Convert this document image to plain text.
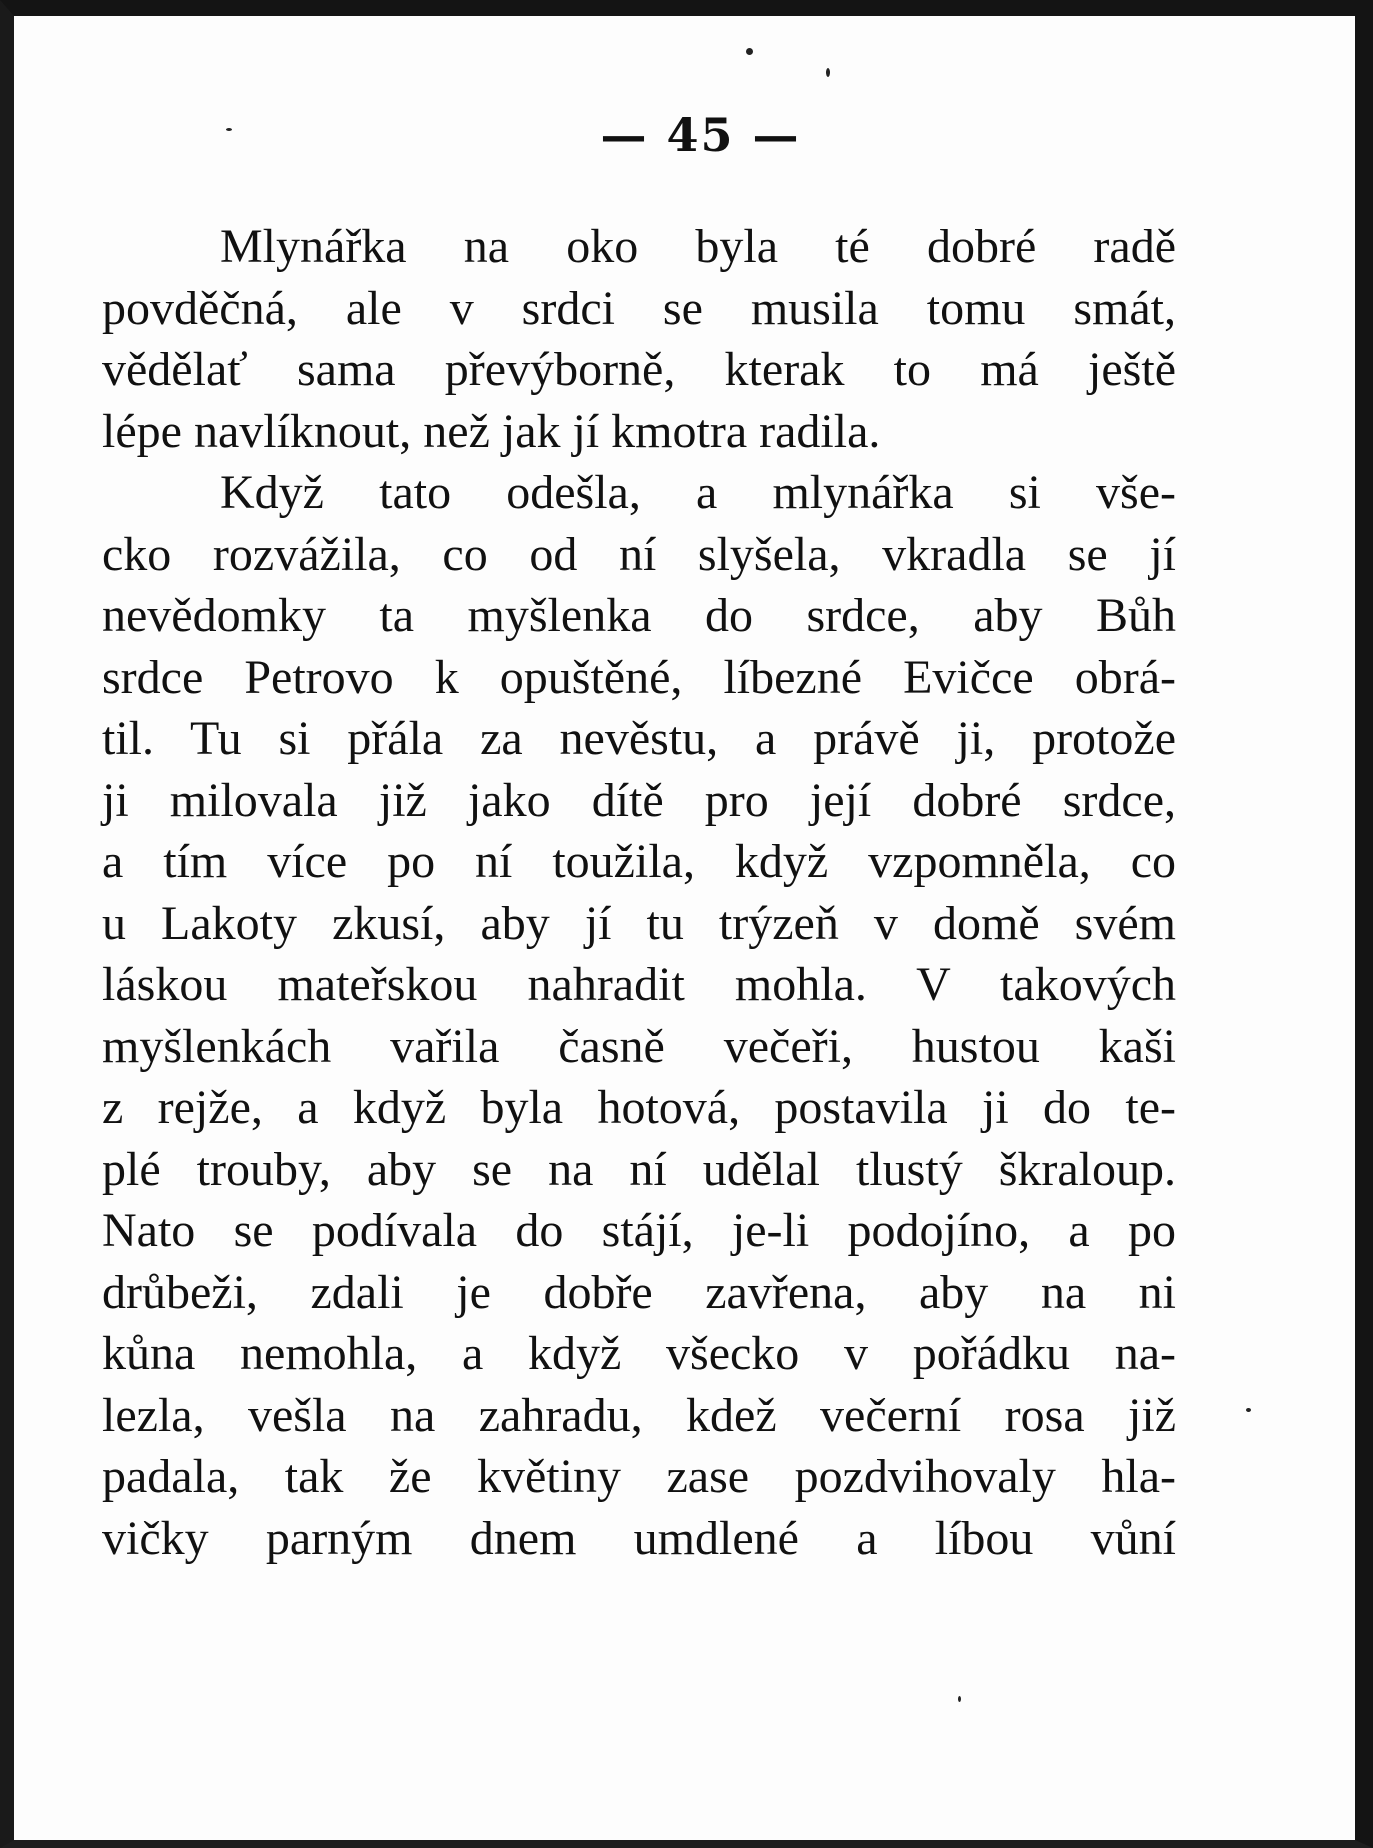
— 45 —
Mlynářka na oko byla té dobré radě
povděčná, ale v srdci se musila tomu smát,
vědělať sama převýborně, kterak to má ještě
lépe navlíknout, než jak jí kmotra radila.
Když tato odešla, a mlynářka si vše-
cko rozvážila, co od ní slyšela, vkradla se jí
nevědomky ta myšlenka do srdce, aby Bůh
srdce Petrovo k opuštěné, líbezné Evičce obrá-
til. Tu si přála za nevěstu, a právě ji, protože
ji milovala již jako dítě pro její dobré srdce,
a tím více po ní toužila, když vzpomněla, co
u Lakoty zkusí, aby jí tu trýzeň v domě svém
láskou mateřskou nahradit mohla. V takových
myšlenkách vařila časně večeři, hustou kaši
z rejže, a když byla hotová, postavila ji do te-
plé trouby, aby se na ní udělal tlustý škraloup.
Nato se podívala do stájí, je-li podojíno, a po
drůbeži, zdali je dobře zavřena, aby na ni
kůna nemohla, a když všecko v pořádku na-
lezla, vešla na zahradu, kdež večerní rosa již
padala, tak že květiny zase pozdvihovaly hla-
vičky parným dnem umdlené a líbou vůní
